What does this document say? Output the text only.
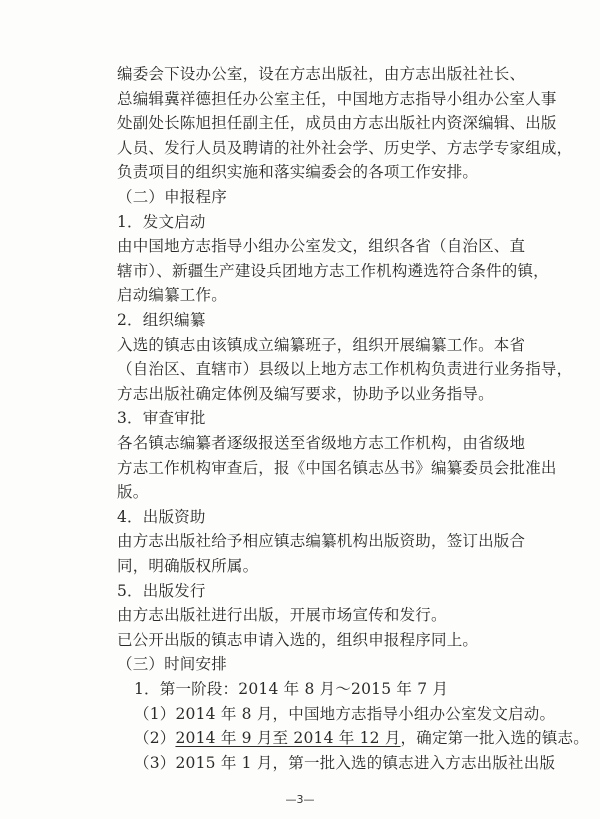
编委会下设办公室，设在方志出版社，由方志出版社社长、
总编辑冀祥德担任办公室主任，中国地方志指导小组办公室人事
处副处长陈旭担任副主任，成员由方志出版社内资深编辑、出版
人员、发行人员及聘请的社外社会学、历史学、方志学专家组成，
负责项目的组织实施和落实编委会的各项工作安排。
（二）申报程序
1．发文启动
由中国地方志指导小组办公室发文，组织各省（自治区、直
辖市）、新疆生产建设兵团地方志工作机构遴选符合条件的镇，
启动编纂工作。
2．组织编纂
入选的镇志由该镇成立编纂班子，组织开展编纂工作。本省
（自治区、直辖市）县级以上地方志工作机构负责进行业务指导，
方志出版社确定体例及编写要求，协助予以业务指导。
3．审查审批
各名镇志编纂者逐级报送至省级地方志工作机构，由省级地
方志工作机构审查后，报《中国名镇志丛书》编纂委员会批准出
版。
4．出版资助
由方志出版社给予相应镇志编纂机构出版资助，签订出版合
同，明确版权所属。
5．出版发行
由方志出版社进行出版，开展市场宣传和发行。
已公开出版的镇志申请入选的，组织申报程序同上。
—3—
（三）时间安排
1．第一阶段：2014 年 8 月～2015 年 7 月
（1）2014 年 8 月，中国地方志指导小组办公室发文启动。
（2）2014 年 9 月至 2014 年 12 月，确定第一批入选的镇志。
（3）2015 年 1 月，第一批入选的镇志进入方志出版社出版
